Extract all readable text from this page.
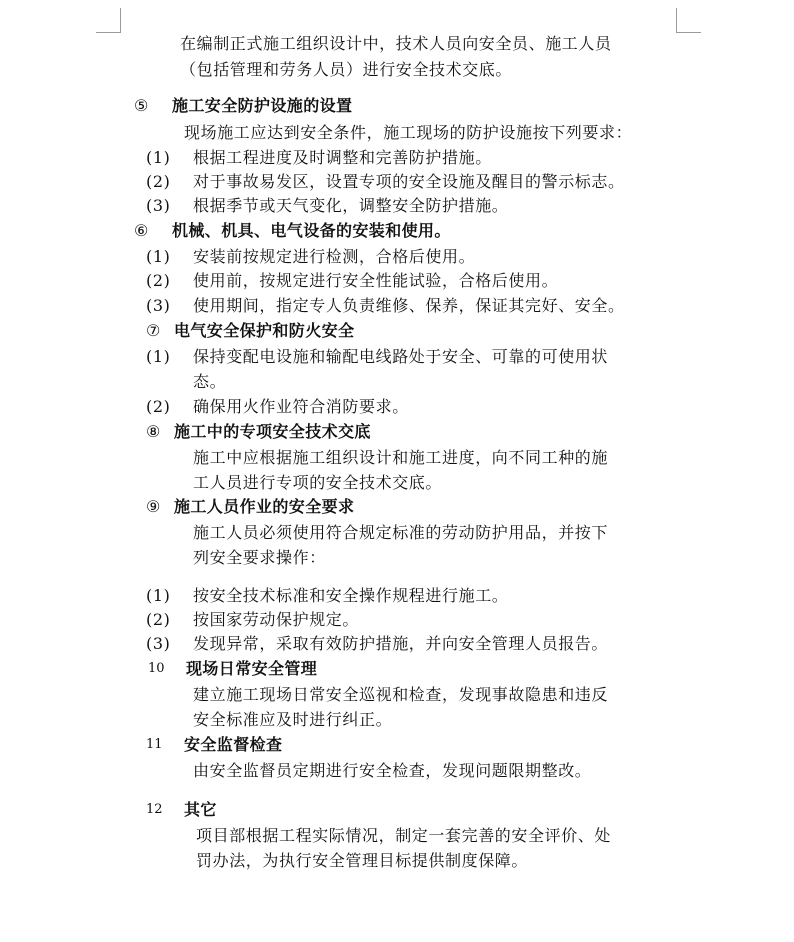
在编制正式施工组织设计中，技术人员向安全员、施工人员
（包括管理和劳务人员）进行安全技术交底。
⑤ 施工安全防护设施的设置
现场施工应达到安全条件，施工现场的防护设施按下列要求：
(1) 根据工程进度及时调整和完善防护措施。
(2) 对于事故易发区，设置专项的安全设施及醒目的警示标志。
(3) 根据季节或天气变化，调整安全防护措施。
⑥ 机械、机具、电气设备的安装和使用。
(1) 安装前按规定进行检测，合格后使用。
(2) 使用前，按规定进行安全性能试验，合格后使用。
(3) 使用期间，指定专人负责维修、保养，保证其完好、安全。
⑦ 电气安全保护和防火安全
(1) 保持变配电设施和输配电线路处于安全、可靠的可使用状
态。
(2) 确保用火作业符合消防要求。
⑧ 施工中的专项安全技术交底
施工中应根据施工组织设计和施工进度，向不同工种的施
工人员进行专项的安全技术交底。
⑨ 施工人员作业的安全要求
施工人员必须使用符合规定标准的劳动防护用品，并按下
列安全要求操作：
(1) 按安全技术标准和安全操作规程进行施工。
(2) 按国家劳动保护规定。
(3) 发现异常，采取有效防护措施，并向安全管理人员报告。
10 现场日常安全管理
建立施工现场日常安全巡视和检查，发现事故隐患和违反
安全标准应及时进行纠正。
11 安全监督检查
由安全监督员定期进行安全检查，发现问题限期整改。
12 其它
项目部根据工程实际情况，制定一套完善的安全评价、处
罚办法，为执行安全管理目标提供制度保障。
